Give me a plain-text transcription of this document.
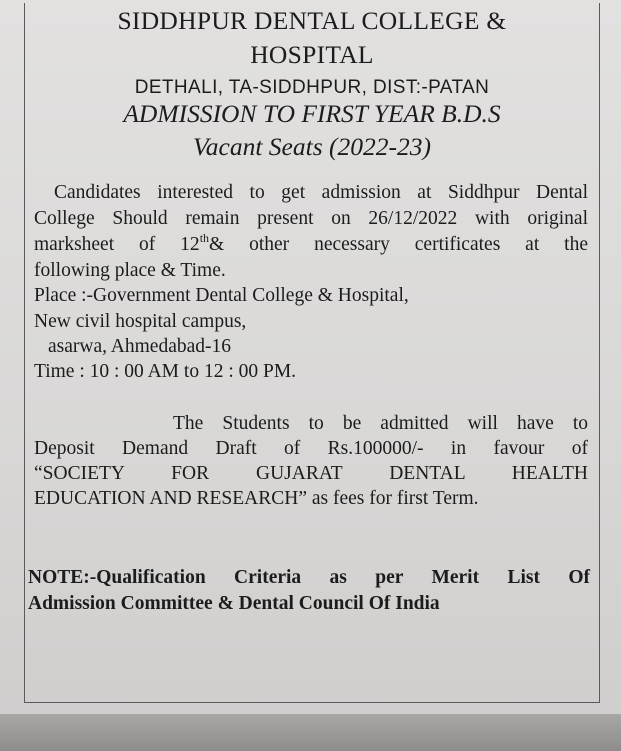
SIDDHPUR DENTAL COLLEGE &
HOSPITAL
DETHALI, TA-SIDDHPUR, DIST:-PATAN
ADMISSION TO FIRST YEAR B.D.S
Vacant Seats (2022-23)
Candidates interested to get admission at Siddhpur Dental
College Should remain present on 26/12/2022 with original
marksheet of 12th& other necessary certificates at the
following place & Time.
Place :-Government Dental College & Hospital,
New civil hospital campus,
asarwa, Ahmedabad-16
Time : 10 : 00 AM to 12 : 00 PM.
The Students to be admitted will have to
Deposit Demand Draft of Rs.100000/- in favour of
“SOCIETY FOR GUJARAT DENTAL HEALTH
EDUCATION AND RESEARCH” as fees for first Term.
NOTE:-Qualification Criteria as per Merit List Of
Admission Committee & Dental Council Of India
